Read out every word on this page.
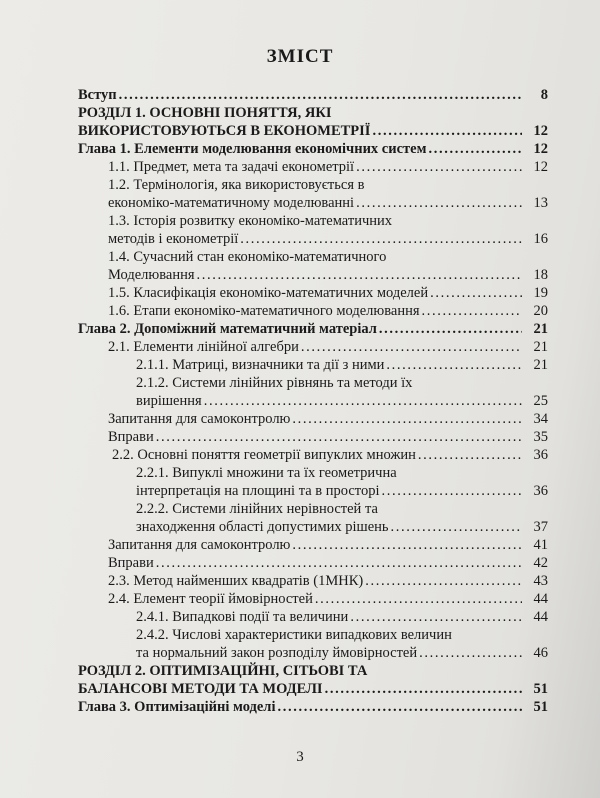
ЗМІСТ
Вступ . . .	8
РОЗДІЛ 1. ОСНОВНІ ПОНЯТТЯ, ЯКІ
ВИКОРИСТОВУЮТЬСЯ В ЕКОНОМЕТРІЇ . . .	12
Глава 1. Елементи моделювання економічних систем . . .	12
1.1. Предмет, мета та задачі економетрії . . .	12
1.2. Термінологія, яка використовується в
економіко-математичному моделюванні . . .	13
1.3. Історія розвитку економіко-математичних
методів і економетрії . . .	16
1.4. Сучасний стан економіко-математичного
Моделювання . . .	18
1.5. Класифікація економіко-математичних моделей . . .	19
1.6. Етапи економіко-математичного моделювання . . .	20
Глава 2. Допоміжний математичний матеріал . . .	21
2.1. Елементи лінійної алгебри . . .	21
2.1.1. Матриці, визначники та дії з ними . . .	21
2.1.2. Системи лінійних рівнянь та методи їх
вирішення . . .	25
Запитання для самоконтролю . . .	34
Вправи . . .	35
2.2. Основні поняття геометрії випуклих множин . . .	36
2.2.1. Випуклі множини та їх геометрична
інтерпретація на площині та в просторі . . .	36
2.2.2. Системи лінійних нерівностей та
знаходження області допустимих рішень . . .	37
Запитання для самоконтролю . . .	41
Вправи . . .	42
2.3. Метод найменших квадратів (1МНК) . . .	43
2.4. Елемент теорії ймовірностей . . .	44
2.4.1. Випадкові події та величини . . .	44
2.4.2. Числові характеристики випадкових величин
та нормальний закон розподілу ймовірностей . . .	46
РОЗДІЛ 2. ОПТИМІЗАЦІЙНІ, СІТЬОВІ ТА
БАЛАНСОВІ МЕТОДИ ТА МОДЕЛІ . . .	51
Глава 3. Оптимізаційні моделі . . .	51
3
